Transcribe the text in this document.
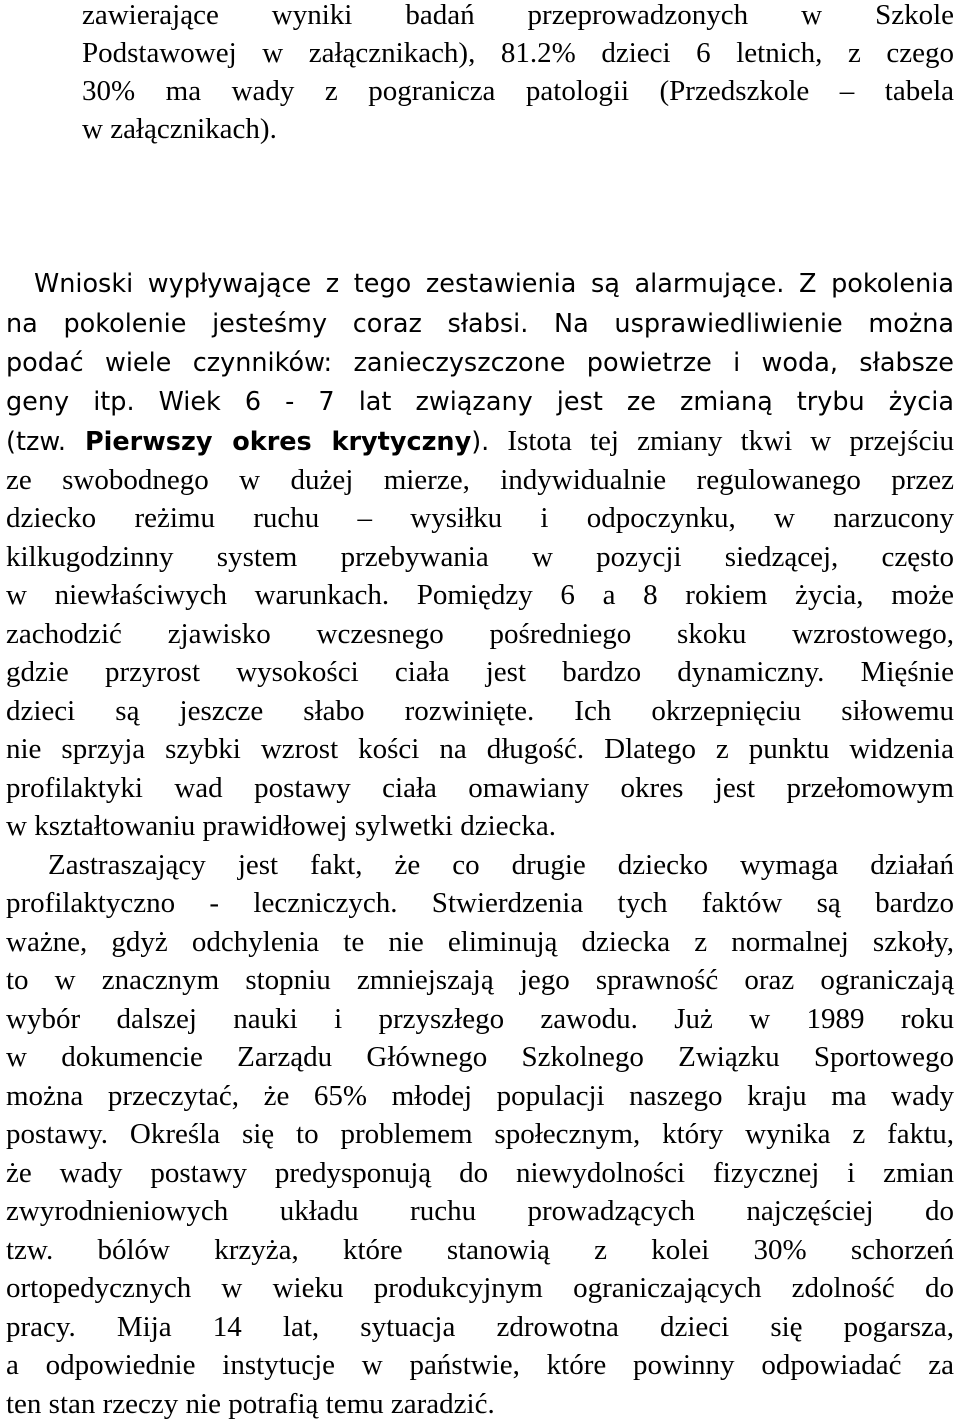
zawierające wyniki badań przeprowadzonych w Szkole
Podstawowej w załącznikach), 81.2% dzieci 6 letnich, z czego
30% ma wady z pogranicza patologii (Przedszkole – tabela
w załącznikach).
Wnioski wypływające z tego zestawienia są alarmujące. Z pokolenia
na pokolenie jesteśmy coraz słabsi. Na usprawiedliwienie można
podać wiele czynników: zanieczyszczone powietrze i woda, słabsze
geny itp. Wiek 6 - 7 lat związany jest ze zmianą trybu życia
(tzw. Pierwszy okres krytyczny). Istota tej zmiany tkwi w przejściu
ze swobodnego w dużej mierze, indywidualnie regulowanego przez
dziecko reżimu ruchu – wysiłku i odpoczynku, w narzucony
kilkugodzinny system przebywania w pozycji siedzącej, często
w niewłaściwych warunkach. Pomiędzy 6 a 8 rokiem życia, może
zachodzić zjawisko wczesnego pośredniego skoku wzrostowego,
gdzie przyrost wysokości ciała jest bardzo dynamiczny. Mięśnie
dzieci są jeszcze słabo rozwinięte. Ich okrzepnięciu siłowemu
nie sprzyja szybki wzrost kości na długość. Dlatego z punktu widzenia
profilaktyki wad postawy ciała omawiany okres jest przełomowym
w kształtowaniu prawidłowej sylwetki dziecka.
Zastraszający jest fakt, że co drugie dziecko wymaga działań
profilaktyczno - leczniczych. Stwierdzenia tych faktów są bardzo
ważne, gdyż odchylenia te nie eliminują dziecka z normalnej szkoły,
to w znacznym stopniu zmniejszają jego sprawność oraz ograniczają
wybór dalszej nauki i przyszłego zawodu. Już w 1989 roku
w dokumencie Zarządu Głównego Szkolnego Związku Sportowego
można przeczytać, że 65% młodej populacji naszego kraju ma wady
postawy. Określa się to problemem społecznym, który wynika z faktu,
że wady postawy predysponują do niewydolności fizycznej i zmian
zwyrodnieniowych układu ruchu prowadzących najczęściej do
tzw. bólów krzyża, które stanowią z kolei 30% schorzeń
ortopedycznych w wieku produkcyjnym ograniczających zdolność do
pracy. Mija 14 lat, sytuacja zdrowotna dzieci się pogarsza,
a odpowiednie instytucje w państwie, które powinny odpowiadać za
ten stan rzeczy nie potrafią temu zaradzić.
